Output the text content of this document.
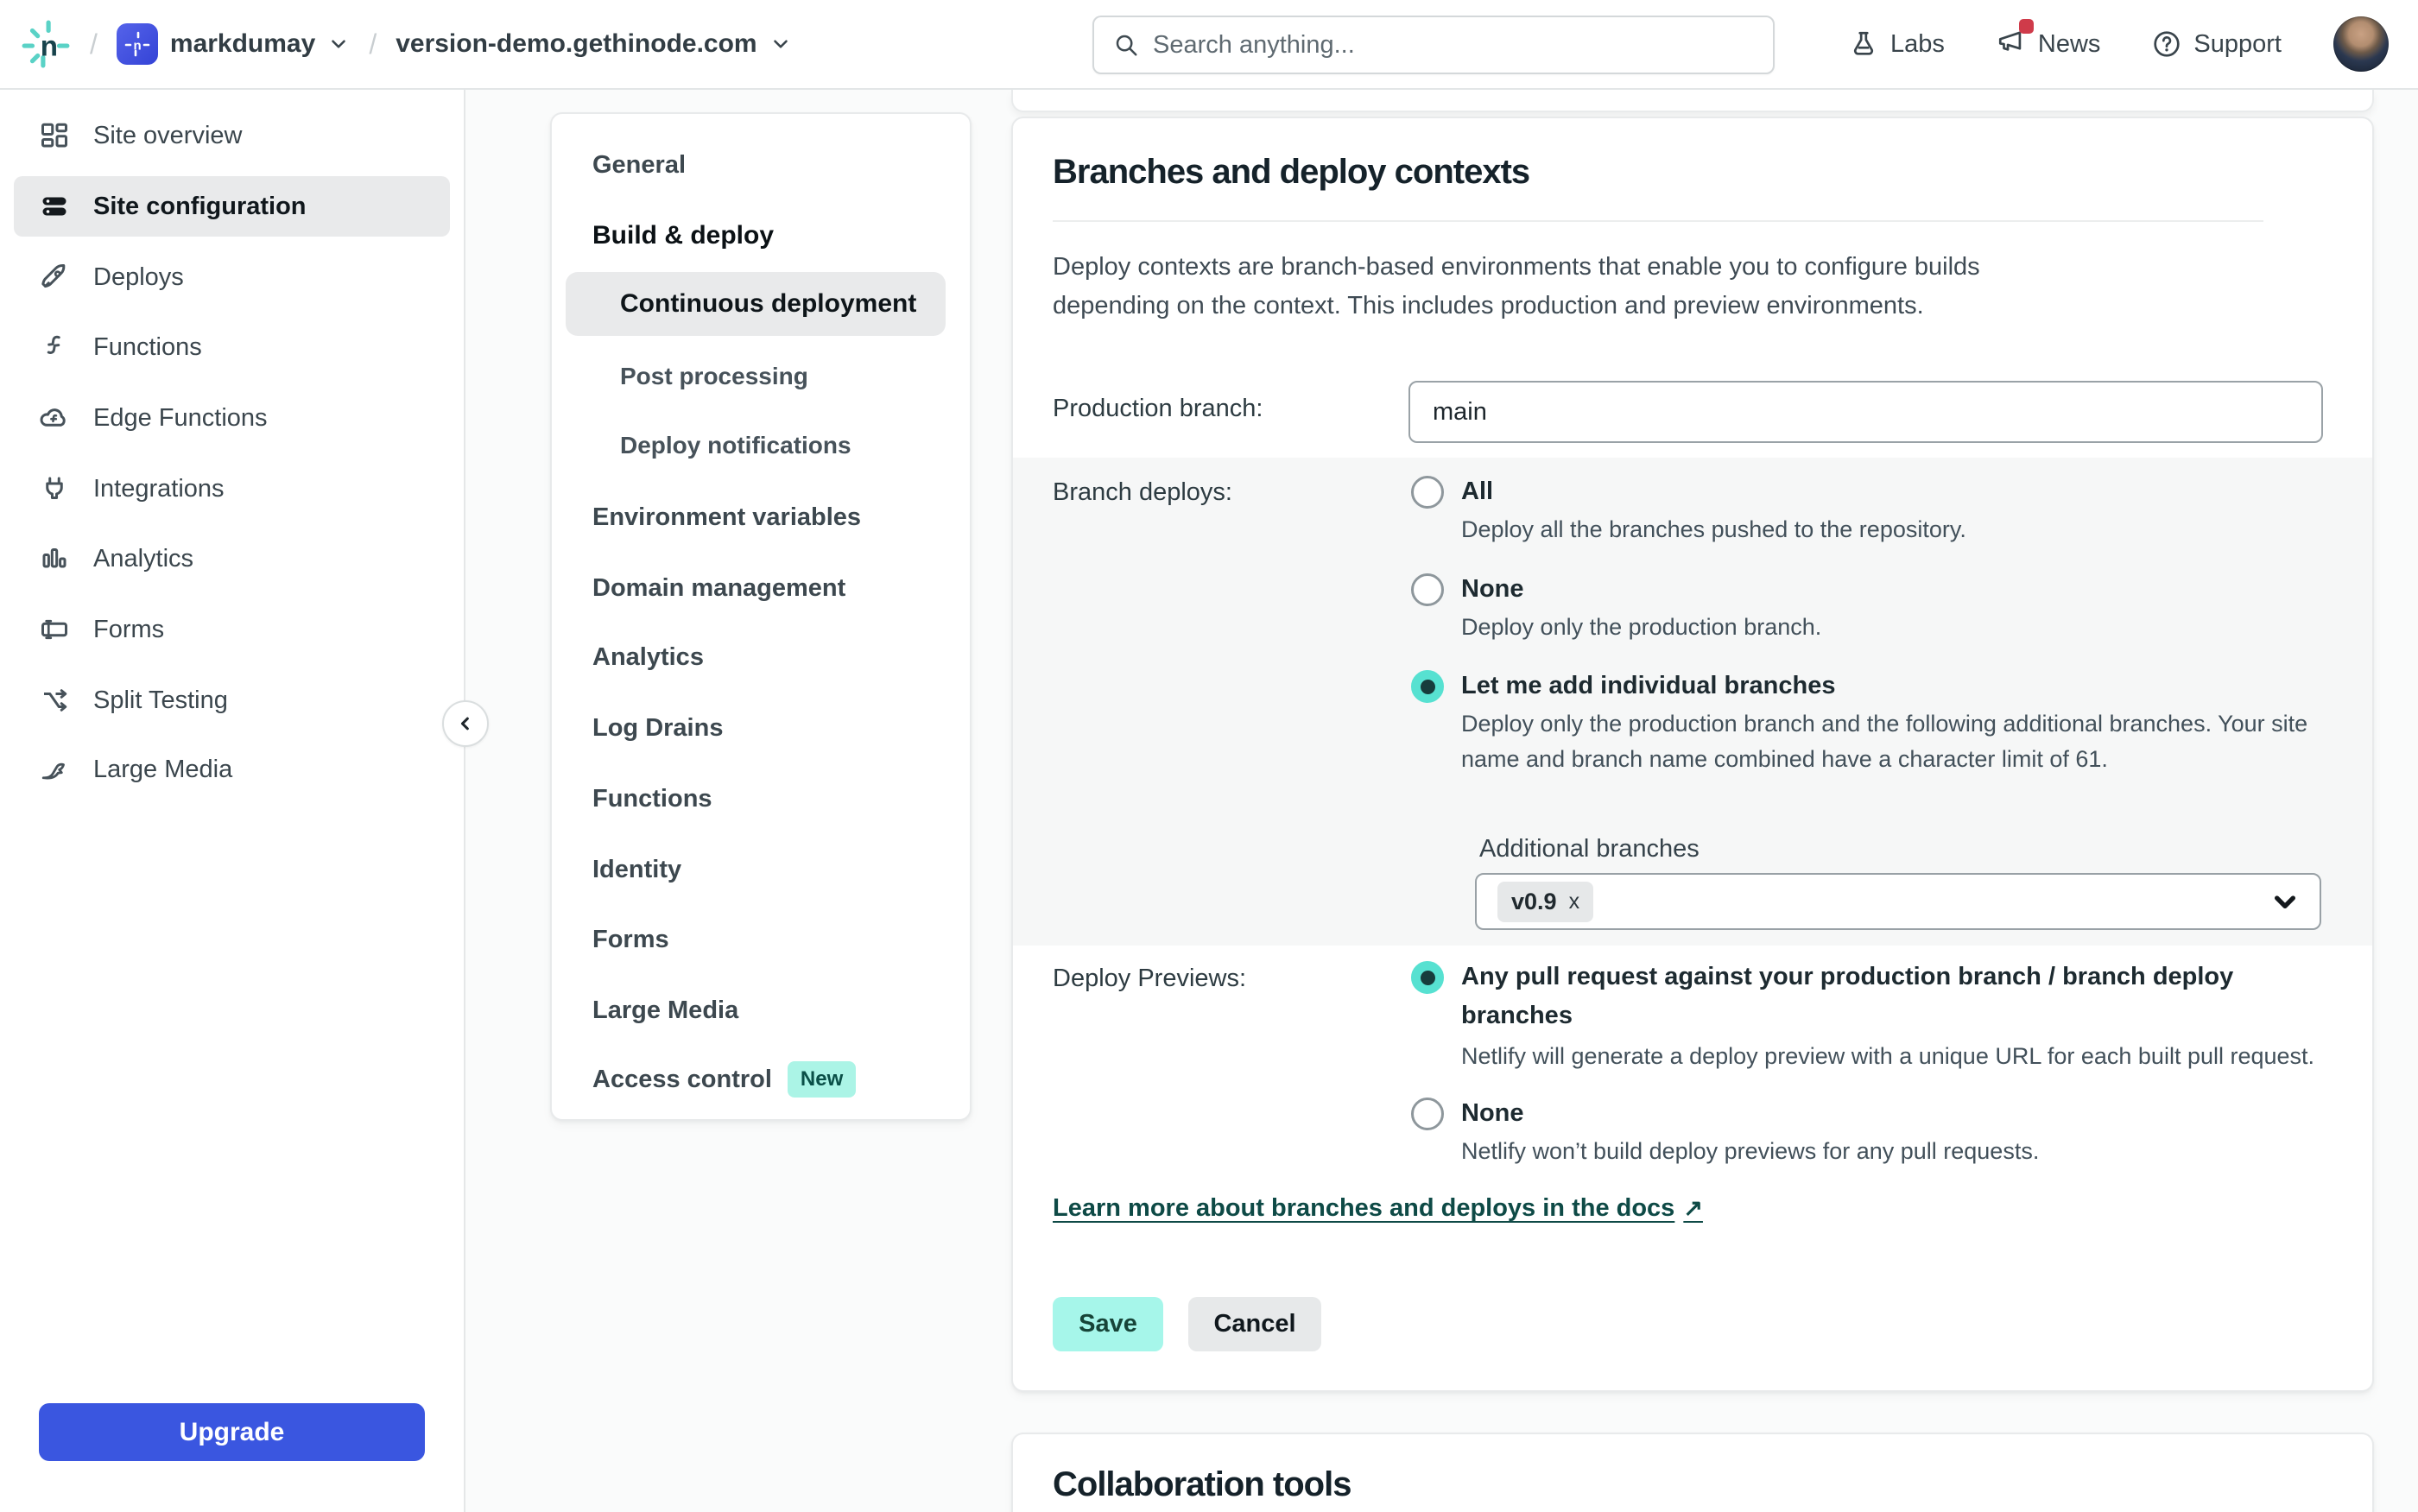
n /	n markdumay / version-demo.gethinode.com
Search anything...	Labs	News	Support
Site overview
Site configuration
Deploys
Functions
Edge Functions
Integrations
Analytics
Forms
Split Testing
Large Media
Upgrade
General
Build & deploy
Continuous deployment
Post processing
Deploy notifications
Environment variables
Domain management
Analytics
Log Drains
Functions
Identity
Forms
Large Media
Access control	New
Branches and deploy contexts

Deploy contexts are branch-based environments that enable you to configure builds depending on the context. This includes production and preview environments.

Production branch:
main
Branch deploys:	All
Deploy all the branches pushed to the repository.
None
Deploy only the production branch.
Let me add individual branches
Deploy only the production branch and the following additional branches. Your site name and branch name combined have a character limit of 61.
Additional branches
v0.9 x
Deploy Previews:	Any pull request against your production branch / branch deploy branches
Netlify will generate a deploy preview with a unique URL for each built pull request.
None
Netlify won’t build deploy previews for any pull requests.
Learn more about branches and deploys in the docs ↗
Save	Cancel
Collaboration tools
